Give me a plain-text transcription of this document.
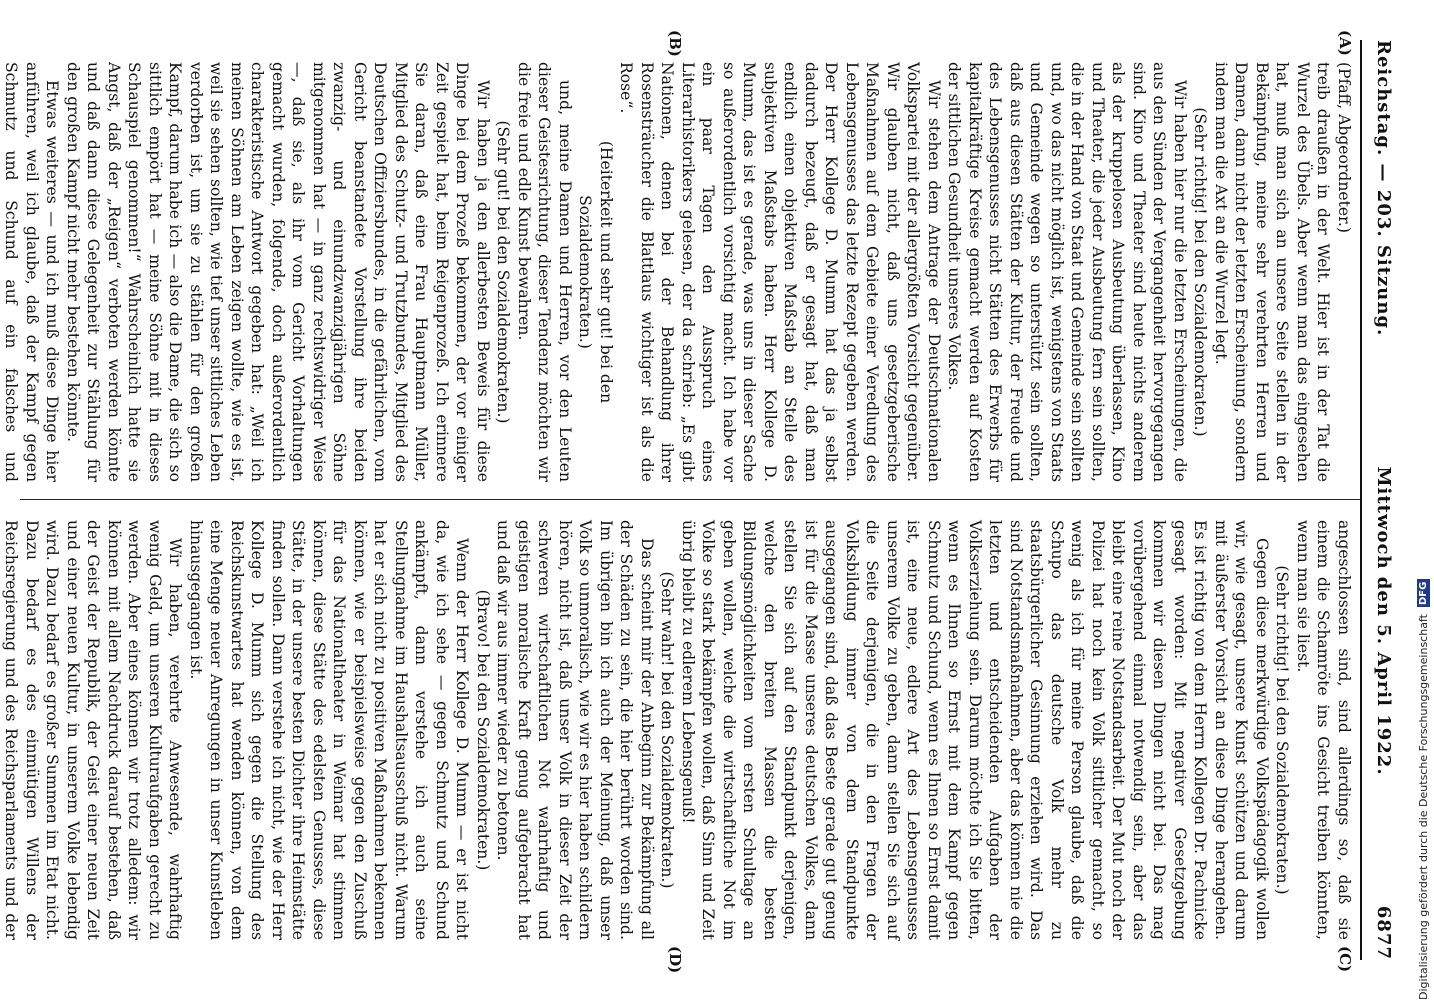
Reichstag. — 203. Sitzung.
Mittwoch den 5. April 1922.
6877
(A)
(B)
(C)
(D)

(Pfaff, Abgeordneter.)

treib draußen in der Welt. Hier ist in der Tat die Wurzel des Übels. Aber wenn man das eingesehen hat, muß man sich an unsere Seite stellen in der Bekämpfung, meine sehr verehrten Herren und Damen, dann nicht der letzten Erscheinung, sondern indem man die Axt an die Wurzel legt.

(Sehr richtig! bei den Sozialdemokraten.)

Wir haben hier nur die letzten Erscheinungen, die aus den Sünden der Vergangenheit hervorgegangen sind. Kino und Theater sind heute nichts anderem als der kruppelosen Ausbeutung überlassen, Kino und Theater, die jeder Ausbeutung fern sein sollten, die in der Hand von Staat und Gemeinde sein sollten und, wo das nicht möglich ist, wenigstens von Staats und Gemeinde wegen so unterstützt sein sollten, daß aus diesen Stätten der Kultur, der Freude und des Lebensgenusses nicht Stätten des Erwerbs für kapitalkräftige Kreise gemacht werden auf Kosten der sittlichen Gesundheit unseres Volkes.

Wir stehen dem Antrage der Deutschnationalen Volkspartei mit der allergrößten Vorsicht gegenüber. Wir glauben nicht, daß uns gesetzgeberische Maßnahmen auf dem Gebiete einer Veredlung des Lebensgenusses das letzte Rezept gegeben werden. Der Herr Kollege D. Mumm hat das ja selbst dadurch bezeugt, daß er gesagt hat, daß man endlich einen objektiven Maßstab an Stelle des subjektiven Maßstabs haben. Herr Kollege D. Mumm, das ist es gerade, was uns in dieser Sache so außerordentlich vorsichtig macht. Ich habe vor ein paar Tagen den Ausspruch eines Literarhistorikers gelesen, der da schrieb: „Es gibt Nationen, denen bei der Behandlung ihrer Rosensträucher die Blattlaus wichtiger ist als die Rose“.

(Heiterkeit und sehr gut! bei den Sozialdemokraten.)

und, meine Damen und Herren, vor den Leuten dieser Geistesrichtung, dieser Tendenz möchten wir die freie und edle Kunst bewahren.

(Sehr gut! bei den Sozialdemokraten.)

Wir haben ja den allerbesten Beweis für diese Dinge bei dem Prozeß bekommen, der vor einiger Zeit gespielt hat, beim Reigenprozeß. Ich erinnere Sie daran, daß eine Frau Hauptmann Müller, Mitglied des Schutz- und Trutzbundes, Mitglied des Deutschen Offiziersbundes, in die gefährlichen, vom Gericht beanstandete Vorstellung ihre beiden zwanzig- und einundzwanzigjährigen Söhne mitgenommen hat — in ganz rechtswidriger Weise —, daß sie, als ihr vom Gericht Vorhaltungen gemacht wurden, folgende, doch außerordentlich charakteristische Antwort gegeben hat: „Weil ich meinen Söhnen am Leben zeigen wollte, wie es ist, weil sie sehen sollten, wie tief unser sittliches Leben verdorben ist, um sie zu stählen für den großen Kampf, darum habe ich — also die Dame, die sich so sittlich empört hat — meine Söhne mit in dieses Schauspiel genommen!“ Wahrscheinlich hatte sie Angst, daß der „Reigen“ verboten werden könnte und daß dann diese Gelegenheit zur Stählung für den großen Kampf nicht mehr bestehen könnte.

Etwas weiteres — und ich muß diese Dinge hier anführen, weil ich glaube, daß der Kampf gegen Schmutz und Schund auf ein falsches und

angeschlossen sind, sind allerdings so, daß sie einem die Schamröte ins Gesicht treiben könnten, wenn man sie liest.

(Sehr richtig! bei den Sozialdemokraten.)

Gegen diese merkwürdige Volkspädagogik wollen wir, wie gesagt, unsere Kunst schützen und darum mit äußerster Vorsicht an diese Dinge herangehen. Es ist richtig von dem Herrn Kollegen Dr. Pachnicke gesagt worden: Mit negativer Gesetzgebung kommen wir diesen Dingen nicht bei. Das mag vorübergehend einmal notwendig sein, aber das bleibt eine reine Notstandsarbeit. Der Mut noch der Polizei hat noch kein Volk sittlicher gemacht, so wenig als ich für meine Person glaube, daß die Schupo das deutsche Volk mehr zu staatsbürgerlicher Gesinnung erziehen wird. Das sind Notstandsmaßnahmen, aber das können nie die letzten und entscheidenden Aufgaben der Volkserziehung sein. Darum möchte ich Sie bitten, wenn es Ihnen so Ernst mit dem Kampf gegen Schmutz und Schund, wenn es Ihnen so Ernst damit ist, eine neue, edlere Art des Lebensgenusses unserem Volke zu geben, dann stellen Sie sich auf die Seite derjenigen, die in den Fragen der Volksbildung immer von dem Standpunkte ausgegangen sind, daß das Beste gerade gut genug ist für die Masse unseres deutschen Volkes, dann stellen Sie sich auf den Standpunkt derjenigen, welche den breiten Massen die besten Bildungsmöglichkeiten vom ersten Schultage an geben wollen, welche die wirtschaftliche Not im Volke so stark bekämpfen wollen, daß Sinn und Zeit übrig bleibt zu edlerem Lebensgenuß!

(Sehr wahr! bei den Sozialdemokraten.)

Das scheint mir der Anbeginn zur Bekämpfung all der Schäden zu sein, die hier berührt worden sind. Im übrigen bin ich auch der Meinung, daß unser Volk so unmoralisch, wie wir es hier haben schildern hören, nicht ist, daß unser Volk in dieser Zeit der schweren wirtschaftlichen Not wahrhaftig und geistigen moralische Kraft genug aufgebracht hat und daß wir aus immer wieder zu betonen.

(Bravo! bei den Sozialdemokraten.)

Wenn der Herr Kollege D. Mumm — er ist nicht da, wie ich sehe — gegen Schmutz und Schund ankämpft, dann verstehe ich auch seine Stellungnahme im Haushaltsausschuß nicht. Warum hat er sich nicht zu positiven Maßnahmen bekennen können, wie er beispielsweise gegen den Zuschuß für das Nationaltheater in Weimar hat stimmen können, diese Stätte des edelsten Genusses, diese Stätte, in der unsere besten Dichter ihre Heimstätte finden sollen. Dann verstehe ich nicht, wie der Herr Kollege D. Mumm sich gegen die Stellung des Reichskunstwartes hat wenden können, von dem eine Menge neuer Anregungen in unser Kunstleben hinausgegangen ist.

Wir haben, verehrte Anwesende, wahrhaftig wenig Geld, um unseren Kulturaufgaben gerecht zu werden. Aber eines können wir trotz alledem: wir können mit allem Nachdruck darauf bestehen, daß der Geist der Republik, der Geist einer neuen Zeit und einer neuen Kultur, in unserem Volke lebendig wird. Dazu bedarf es großer Summen im Etat nicht. Dazu bedarf es des einmütigen Willens der Reichsregierung und des Reichsparlaments und der	Digitalisierung gefördert durch die Deutsche Forschungsgemeinschaft DFG
